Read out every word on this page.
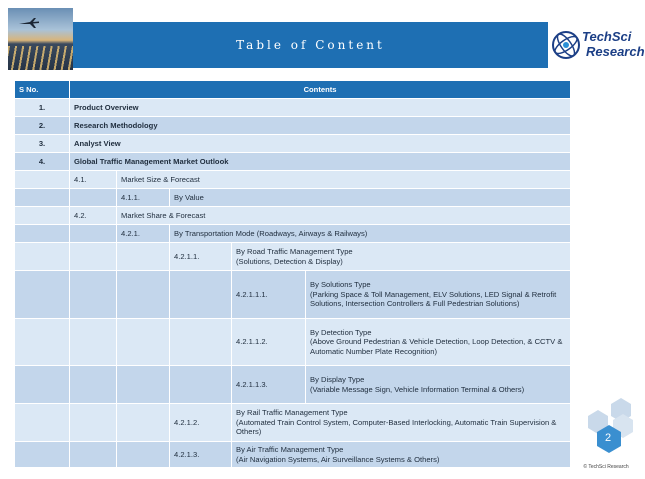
Table of Content
TechSci
Research
S No.	Contents				
1.	Product Overview				
2.	Research Methodology				
3.	Analyst View				
4.	Global Traffic Management Market Outlook				
	4.1.	Market Size & Forecast			
		4.1.1.	By Value		
	4.2.	Market Share & Forecast			
		4.2.1.	By Transportation Mode (Roadways, Airways & Railways)		
			4.2.1.1.	By Road Traffic Management Type
(Solutions, Detection & Display)	
				4.2.1.1.1.	By Solutions Type
(Parking Space & Toll Management, ELV Solutions, LED Signal & Retrofit Solutions, Intersection Controllers & Full Pedestrian Solutions)
				4.2.1.1.2.	By Detection Type
(Above Ground Pedestrian & Vehicle Detection, Loop Detection, & CCTV & Automatic Number Plate Recognition)
				4.2.1.1.3.	By Display Type
(Variable Message Sign, Vehicle Information Terminal & Others)
			4.2.1.2.	By Rail Traffic Management Type
(Automated Train Control System, Computer-Based Interlocking, Automatic Train Supervision & Others)	
			4.2.1.3.	By Air Traffic Management Type
(Air Navigation Systems, Air Surveillance Systems & Others)	
2
© TechSci Research
